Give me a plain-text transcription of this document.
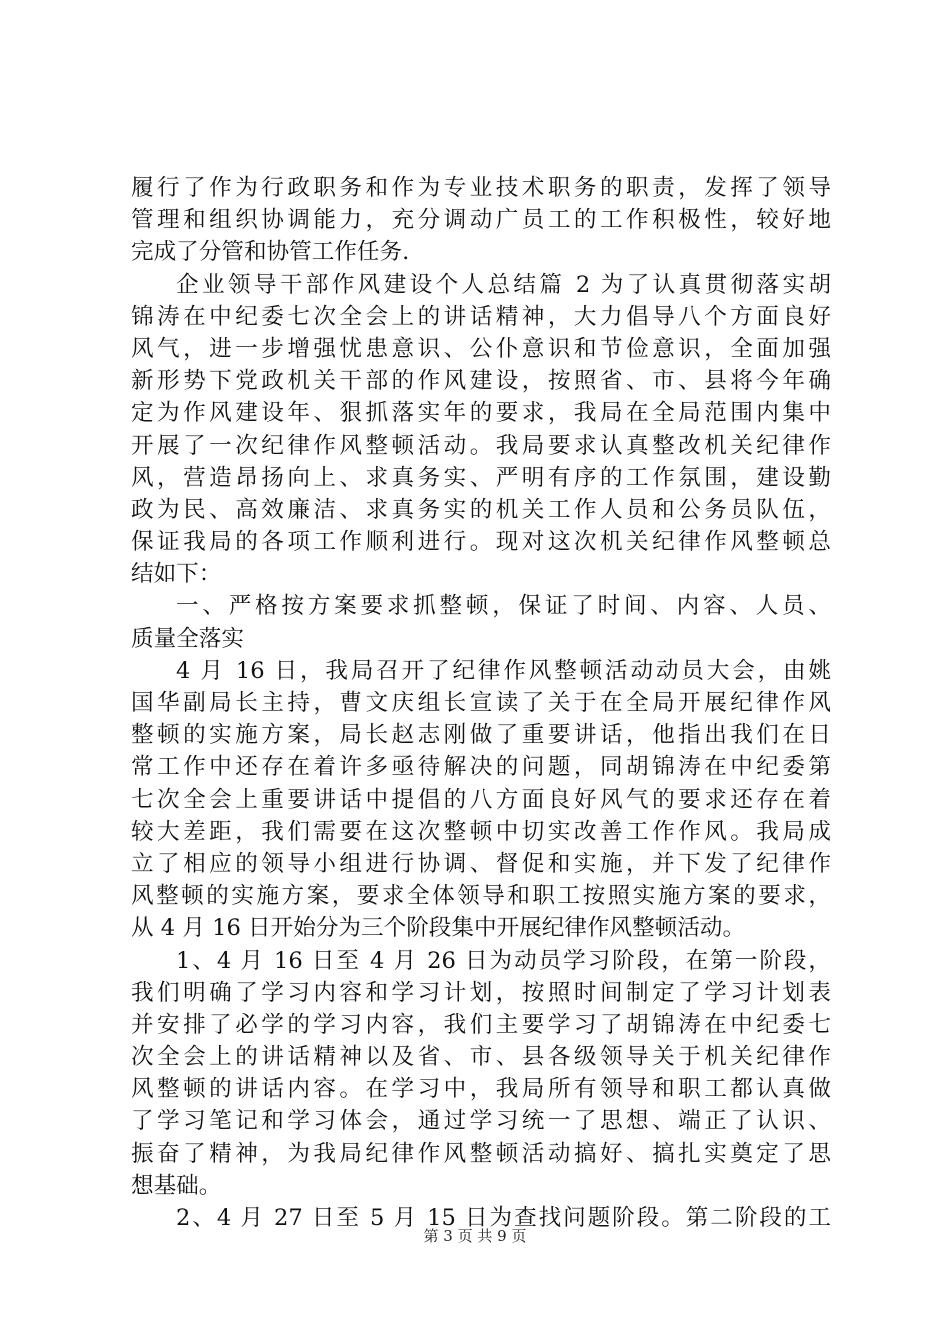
履行了作为行政职务和作为专业技术职务的职责，发挥了领导
管理和组织协调能力，充分调动广员工的工作积极性，较好地
完成了分管和协管工作任务.
企业领导干部作风建设个人总结篇 2 为了认真贯彻落实胡
锦涛在中纪委七次全会上的讲话精神，大力倡导八个方面良好
风气，进一步增强忧患意识、公仆意识和节俭意识，全面加强
新形势下党政机关干部的作风建设，按照省、市、县将今年确
定为作风建设年、狠抓落实年的要求，我局在全局范围内集中
开展了一次纪律作风整顿活动。我局要求认真整改机关纪律作
风，营造昂扬向上、求真务实、严明有序的工作氛围，建设勤
政为民、高效廉洁、求真务实的机关工作人员和公务员队伍，
保证我局的各项工作顺利进行。现对这次机关纪律作风整顿总
结如下：
一、严格按方案要求抓整顿，保证了时间、内容、人员、
质量全落实
4 月 16 日，我局召开了纪律作风整顿活动动员大会，由姚
国华副局长主持，曹文庆组长宣读了关于在全局开展纪律作风
整顿的实施方案，局长赵志刚做了重要讲话，他指出我们在日
常工作中还存在着许多亟待解决的问题，同胡锦涛在中纪委第
七次全会上重要讲话中提倡的八方面良好风气的要求还存在着
较大差距，我们需要在这次整顿中切实改善工作作风。我局成
立了相应的领导小组进行协调、督促和实施，并下发了纪律作
风整顿的实施方案，要求全体领导和职工按照实施方案的要求，
从 4 月 16 日开始分为三个阶段集中开展纪律作风整顿活动。
1、4 月 16 日至 4 月 26 日为动员学习阶段，在第一阶段，
我们明确了学习内容和学习计划，按照时间制定了学习计划表
并安排了必学的学习内容，我们主要学习了胡锦涛在中纪委七
次全会上的讲话精神以及省、市、县各级领导关于机关纪律作
风整顿的讲话内容。在学习中，我局所有领导和职工都认真做
了学习笔记和学习体会，通过学习统一了思想、端正了认识、
振奋了精神，为我局纪律作风整顿活动搞好、搞扎实奠定了思
想基础。
2、4 月 27 日至 5 月 15 日为查找问题阶段。第二阶段的工
第 3 页 共 9 页
